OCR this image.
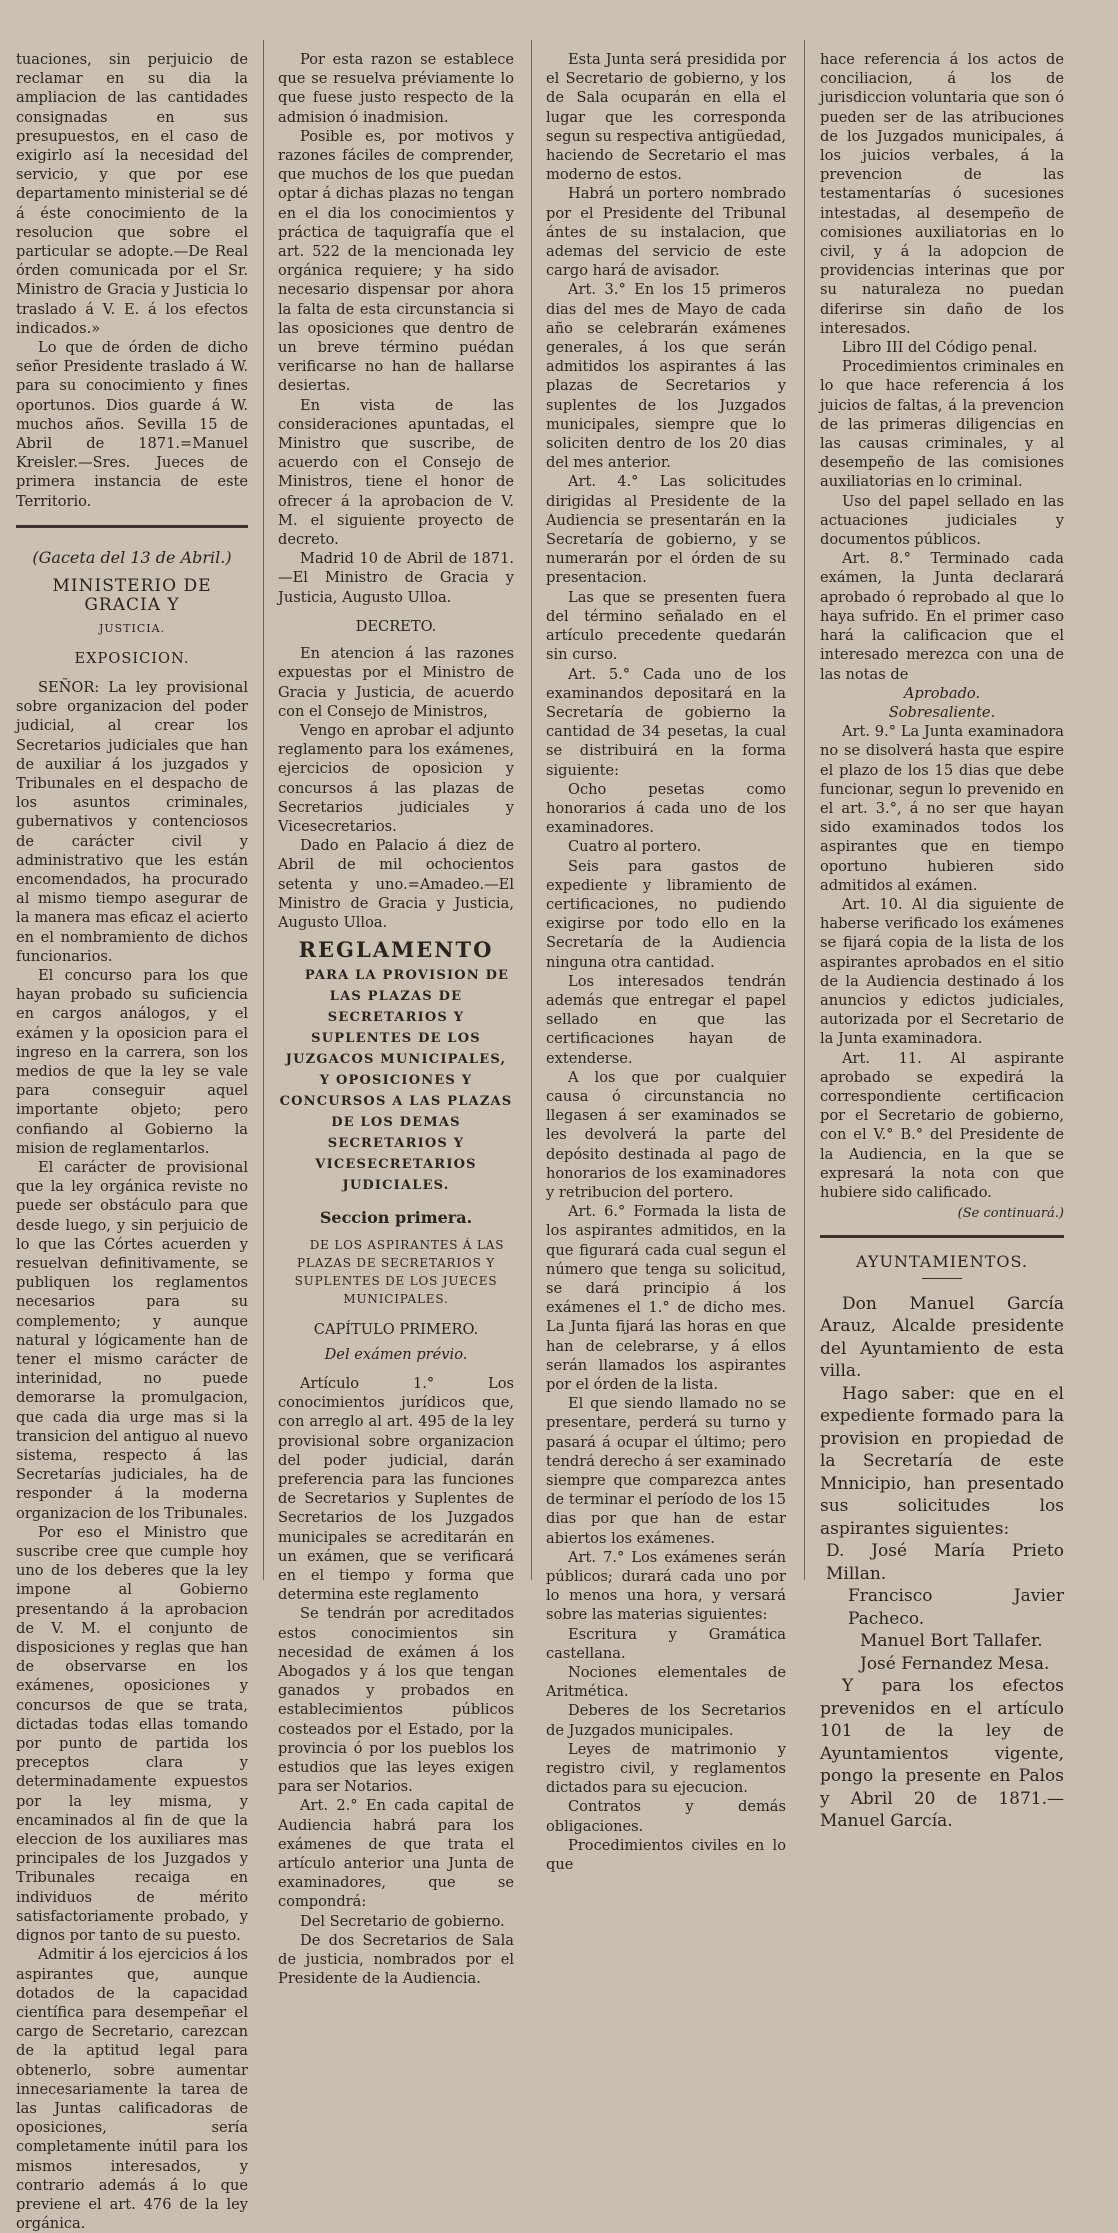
tuaciones, sin perjuicio de reclamar en su dia la ampliacion de las cantidades consignadas en sus presupuestos, en el caso de exigirlo así la necesidad del servicio, y que por ese departamento ministerial se dé á éste conocimiento de la resolucion que sobre el particular se adopte.—De Real órden comunicada por el Sr. Ministro de Gracia y Justicia lo traslado á V. E. á los efectos indicados.»

Lo que de órden de dicho señor Presidente traslado á W. para su conocimiento y fines oportunos. Dios guarde á W. muchos años. Sevilla 15 de Abril de 1871.=Manuel Kreisler.—Sres. Jueces de primera instancia de este Territorio.

(Gaceta del 13 de Abril.)

MINISTERIO DE GRACIA Y

JUSTICIA.

EXPOSICION.

SEÑOR: La ley provisional sobre organizacion del poder judicial, al crear los Secretarios judiciales que han de auxiliar á los juzgados y Tribunales en el despacho de los asuntos criminales, gubernativos y contenciosos de carácter civil y administrativo que les están encomendados, ha procurado al mismo tiempo asegurar de la manera mas eficaz el acierto en el nombramiento de dichos funcionarios.

El concurso para los que hayan probado su suficiencia en cargos análogos, y el exámen y la oposicion para el ingreso en la carrera, son los medios de que la ley se vale para conseguir aquel importante objeto; pero confiando al Gobierno la mision de reglamentarlos.

El carácter de provisional que la ley orgánica reviste no puede ser obstáculo para que desde luego, y sin perjuicio de lo que las Córtes acuerden y resuelvan definitivamente, se publiquen los reglamentos necesarios para su complemento; y aunque natural y lógicamente han de tener el mismo carácter de interinidad, no puede demorarse la promulgacion, que cada dia urge mas si la transicion del antiguo al nuevo sistema, respecto á las Secretarías judiciales, ha de responder á la moderna organizacion de los Tribunales.

Por eso el Ministro que suscribe cree que cumple hoy uno de los deberes que la ley impone al Gobierno presentando á la aprobacion de V. M. el conjunto de disposiciones y reglas que han de observarse en los exámenes, oposiciones y concursos de que se trata, dictadas todas ellas tomando por punto de partida los preceptos clara y determinadamente expuestos por la ley misma, y encaminados al fin de que la eleccion de los auxiliares mas principales de los Juzgados y Tribunales recaiga en individuos de mérito satisfactoriamente probado, y dignos por tanto de su puesto.

Admitir á los ejercicios á los aspirantes que, aunque dotados de la capacidad científica para desempeñar el cargo de Secretario, carezcan de la aptitud legal para obtenerlo, sobre aumentar innecesariamente la tarea de las Juntas calificadoras de oposiciones, sería completamente inútil para los mismos interesados, y contrario además á lo que previene el art. 476 de la ley orgánica.

Por esta razon se establece que se resuelva préviamente lo que fuese justo respecto de la admision ó inadmision.

Posible es, por motivos y razones fáciles de comprender, que muchos de los que puedan optar á dichas plazas no tengan en el dia los conocimientos y práctica de taquigrafía que el art. 522 de la mencionada ley orgánica requiere; y ha sido necesario dispensar por ahora la falta de esta circunstancia si las oposiciones que dentro de un breve término puédan verificarse no han de hallarse desiertas.

En vista de las consideraciones apuntadas, el Ministro que suscribe, de acuerdo con el Consejo de Ministros, tiene el honor de ofrecer á la aprobacion de V. M. el siguiente proyecto de decreto.

Madrid 10 de Abril de 1871.—El Ministro de Gracia y Justicia, Augusto Ulloa.

DECRETO.

En atencion á las razones expuestas por el Ministro de Gracia y Justicia, de acuerdo con el Consejo de Ministros,

Vengo en aprobar el adjunto reglamento para los exámenes, ejercicios de oposicion y concursos á las plazas de Secretarios judiciales y Vicesecretarios.

Dado en Palacio á diez de Abril de mil ochocientos setenta y uno.=Amadeo.—El Ministro de Gracia y Justicia, Augusto Ulloa.

REGLAMENTO

PARA LA PROVISION DE LAS PLAZAS DE SECRETARIOS Y SUPLENTES DE LOS JUZGACOS MUNICIPALES, Y OPOSICIONES Y CONCURSOS A LAS PLAZAS DE LOS DEMAS SECRETARIOS Y VICESECRETARIOS JUDICIALES.

Seccion primera.

DE LOS ASPIRANTES Á LAS PLAZAS DE SECRETARIOS Y SUPLENTES DE LOS JUECES MUNICIPALES.

CAPÍTULO PRIMERO.

Del exámen prévio.

Artículo 1.° Los conocimientos jurídicos que, con arreglo al art. 495 de la ley provisional sobre organizacion del poder judicial, darán preferencia para las funciones de Secretarios y Suplentes de Secretarios de los Juzgados municipales se acreditarán en un exámen, que se verificará en el tiempo y forma que determina este reglamento

Se tendrán por acreditados estos conocimientos sin necesidad de exámen á los Abogados y á los que tengan ganados y probados en establecimientos públicos costeados por el Estado, por la provincia ó por los pueblos los estudios que las leyes exigen para ser Notarios.

Art. 2.° En cada capital de Audiencia habrá para los exámenes de que trata el artículo anterior una Junta de examinadores, que se compondrá:

Del Secretario de gobierno.

De dos Secretarios de Sala de justicia, nombrados por el Presidente de la Audiencia.

Esta Junta será presidida por el Secretario de gobierno, y los de Sala ocuparán en ella el lugar que les corresponda segun su respectiva antigüedad, haciendo de Secretario el mas moderno de estos.

Habrá un portero nombrado por el Presidente del Tribunal ántes de su instalacion, que ademas del servicio de este cargo hará de avisador.

Art. 3.° En los 15 primeros dias del mes de Mayo de cada año se celebrarán exámenes generales, á los que serán admitidos los aspirantes á las plazas de Secretarios y suplentes de los Juzgados municipales, siempre que lo soliciten dentro de los 20 dias del mes anterior.

Art. 4.° Las solicitudes dirigidas al Presidente de la Audiencia se presentarán en la Secretaría de gobierno, y se numerarán por el órden de su presentacion.

Las que se presenten fuera del término señalado en el artículo precedente quedarán sin curso.

Art. 5.° Cada uno de los examinandos depositará en la Secretaría de gobierno la cantidad de 34 pesetas, la cual se distribuirá en la forma siguiente:

Ocho pesetas como honorarios á cada uno de los examinadores.

Cuatro al portero.

Seis para gastos de expediente y libramiento de certificaciones, no pudiendo exigirse por todo ello en la Secretaría de la Audiencia ninguna otra cantidad.

Los interesados tendrán además que entregar el papel sellado en que las certificaciones hayan de extenderse.

A los que por cualquier causa ó circunstancia no llegasen á ser examinados se les devolverá la parte del depósito destinada al pago de honorarios de los examinadores y retribucion del portero.

Art. 6.° Formada la lista de los aspirantes admitidos, en la que figurará cada cual segun el número que tenga su solicitud, se dará principio á los exámenes el 1.° de dicho mes. La Junta fijará las horas en que han de celebrarse, y á ellos serán llamados los aspirantes por el órden de la lista.

El que siendo llamado no se presentare, perderá su turno y pasará á ocupar el último; pero tendrá derecho á ser examinado siempre que comparezca antes de terminar el período de los 15 dias por que han de estar abiertos los exámenes.

Art. 7.° Los exámenes serán públicos; durará cada uno por lo menos una hora, y versará sobre las materias siguientes:

Escritura y Gramática castellana.

Nociones elementales de Aritmética.

Deberes de los Secretarios de Juzgados municipales.

Leyes de matrimonio y registro civil, y reglamentos dictados para su ejecucion.

Contratos y demás obligaciones.

Procedimientos civiles en lo que

hace referencia á los actos de conciliacion, á los de jurisdiccion voluntaria que son ó pueden ser de las atribuciones de los Juzgados municipales, á los juicios verbales, á la prevencion de las testamentarías ó sucesiones intestadas, al desempeño de comisiones auxiliatorias en lo civil, y á la adopcion de providencias interinas que por su naturaleza no puedan diferirse sin daño de los interesados.

Libro III del Código penal.

Procedimientos criminales en lo que hace referencia á los juicios de faltas, á la prevencion de las primeras diligencias en las causas criminales, y al desempeño de las comisiones auxiliatorias en lo criminal.

Uso del papel sellado en las actuaciones judiciales y documentos públicos.

Art. 8.° Terminado cada exámen, la Junta declarará aprobado ó reprobado al que lo haya sufrido. En el primer caso hará la calificacion que el interesado merezca con una de las notas de

Aprobado.

Sobresaliente.

Art. 9.° La Junta examinadora no se disolverá hasta que espire el plazo de los 15 dias que debe funcionar, segun lo prevenido en el art. 3.°, á no ser que hayan sido examinados todos los aspirantes que en tiempo oportuno hubieren sido admitidos al exámen.

Art. 10. Al dia siguiente de haberse verificado los exámenes se fijará copia de la lista de los aspirantes aprobados en el sitio de la Audiencia destinado á los anuncios y edictos judiciales, autorizada por el Secretario de la Junta examinadora.

Art. 11. Al aspirante aprobado se expedirá la correspondiente certificacion por el Secretario de gobierno, con el V.° B.° del Presidente de la Audiencia, en la que se expresará la nota con que hubiere sido calificado.

(Se continuará.)

AYUNTAMIENTOS.

Don Manuel García Arauz, Alcalde presidente del Ayuntamiento de esta villa.

Hago saber: que en el expediente formado para la provision en propiedad de la Secretaría de este Mnnicipio, han presentado sus solicitudes los aspirantes siguientes:

D. José María Prieto Millan.
Francisco Javier Pacheco.
Manuel Bort Tallafer.
José Fernandez Mesa.

Y para los efectos prevenidos en el artículo 101 de la ley de Ayuntamientos vigente, pongo la presente en Palos y Abril 20 de 1871.—Manuel García.
